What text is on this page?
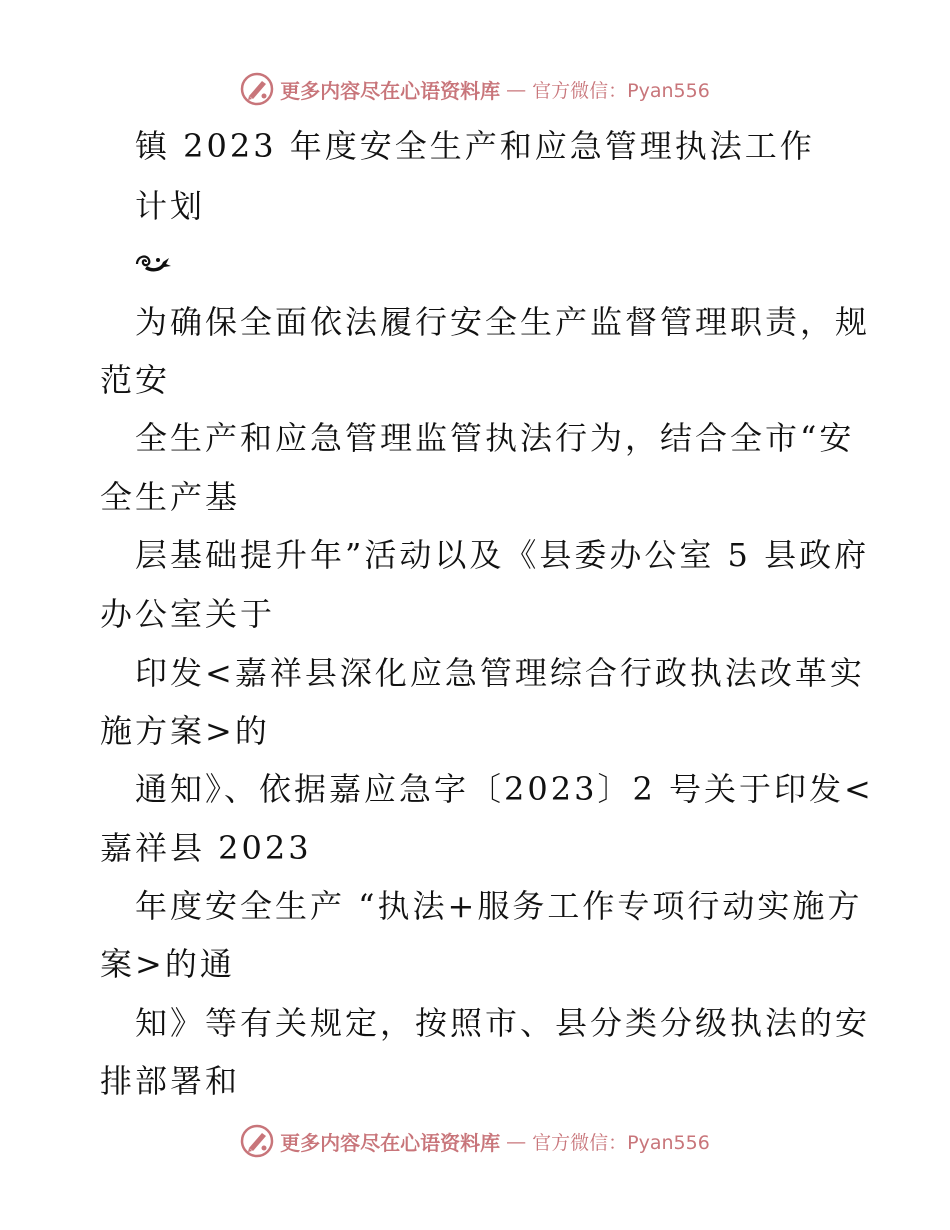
更多内容尽在心语资料库 — 官方微信：Pyan556
镇 2023 年度安全生产和应急管理执法工作
计划
为确保全面依法履行安全生产监督管理职责，规
范安
全生产和应急管理监管执法行为，结合全市“安
全生产基
层基础提升年”活动以及《县委办公室 5 县政府
办公室关于
印发<嘉祥县深化应急管理综合行政执法改革实
施方案>的
通知》、依据嘉应急字〔2023〕2 号关于印发<
嘉祥县 2023
年度安全生产 “执法+服务工作专项行动实施方
案>的通
知》等有关规定，按照市、县分类分级执法的安
排部署和
更多内容尽在心语资料库 — 官方微信：Pyan556
